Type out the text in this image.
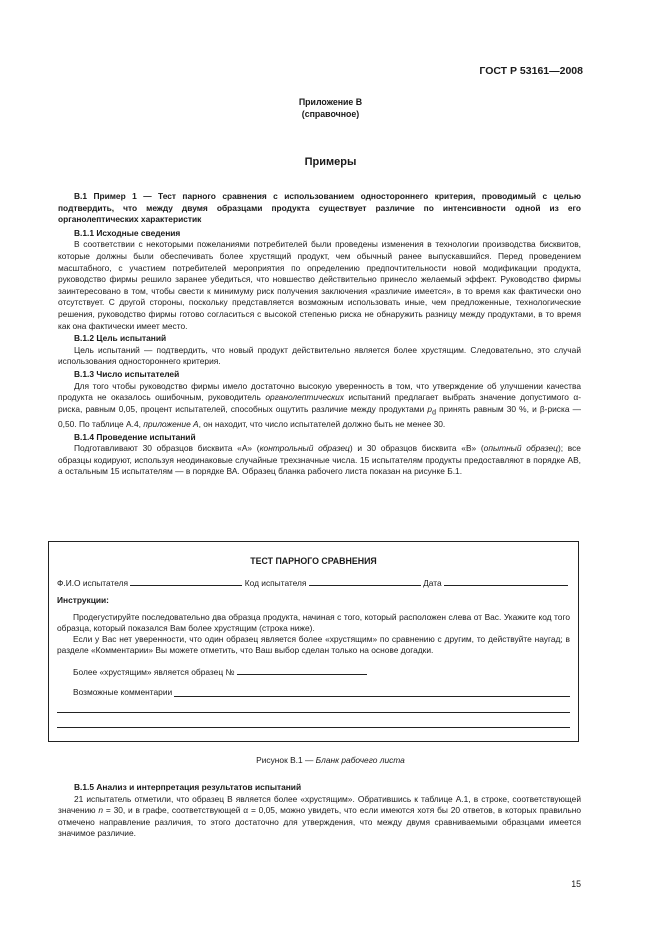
ГОСТ Р 53161—2008
Приложение В
(справочное)
Примеры

В.1 Пример 1 — Тест парного сравнения с использованием одностороннего критерия, проводимый с целью подтвердить, что между двумя образцами продукта существует различие по интенсивности одной из его органолептических характеристик

В.1.1 Исходные сведения

В соответствии с некоторыми пожеланиями потребителей были проведены изменения в технологии производства бисквитов, которые должны были обеспечивать более хрустящий продукт, чем обычный ранее выпускавшийся. Перед проведением масштабного, с участием потребителей мероприятия по определению предпочтительности новой модификации продукта, руководство фирмы решило заранее убедиться, что новшество действительно принесло желаемый эффект. Руководство фирмы заинтересовано в том, чтобы свести к минимуму риск получения заключения «различие имеется», в то время как фактически оно отсутствует. С другой стороны, поскольку представляется возможным использовать иные, чем предложенные, технологические решения, руководство фирмы готово согласиться с высокой степенью риска не обнаружить разницу между продуктами, в то время как она фактически имеет место.

В.1.2 Цель испытаний

Цель испытаний — подтвердить, что новый продукт действительно является более хрустящим. Следовательно, это случай использования одностороннего критерия.

В.1.3 Число испытателей

Для того чтобы руководство фирмы имело достаточно высокую уверенность в том, что утверждение об улучшении качества продукта не оказалось ошибочным, руководитель органолептических испытаний предлагает выбрать значение допустимого α-риска, равным 0,05, процент испытателей, способных ощутить различие между продуктами $p_d$ принять равным 30 %, и β-риска — 0,50. По таблице А.4, приложение А, он находит, что число испытателей должно быть не менее 30.

В.1.4 Проведение испытаний

Подготавливают 30 образцов бисквита «А» (контрольный образец) и 30 образцов бисквита «В» (опытный образец); все образцы кодируют, используя неодинаковые случайные трехзначные числа. 15 испытателям продукты предоставляют в порядке АВ, а остальным 15 испытателям — в порядке ВА. Образец бланка рабочего листа показан на рисунке Б.1.

ТЕСТ ПАРНОГО СРАВНЕНИЯ
Ф.И.О испытателя	Код испытателя	Дата
Инструкции:

Продегустируйте последовательно два образца продукта, начиная с того, который расположен слева от Вас. Укажите код того образца, который показался Вам более хрустящим (строка ниже).

Если у Вас нет уверенности, что один образец является более «хрустящим» по сравнению с другим, то действуйте наугад; в разделе «Комментарии» Вы можете отметить, что Ваш выбор сделан только на основе догадки.

Более «хрустящим» является образец №
Возможные комментарии
Рисунок В.1 — Бланк рабочего листа
В.1.5 Анализ и интерпретация результатов испытаний

21 испытатель отметили, что образец В является более «хрустящим». Обратившись к таблице А.1, в строке, соответствующей значению n = 30, и в графе, соответствующей α = 0,05, можно увидеть, что если имеются хотя бы 20 ответов, в которых правильно отмечено направление различия, то этого достаточно для утверждения, что между двумя сравниваемыми образцами имеется значимое различие.

15
